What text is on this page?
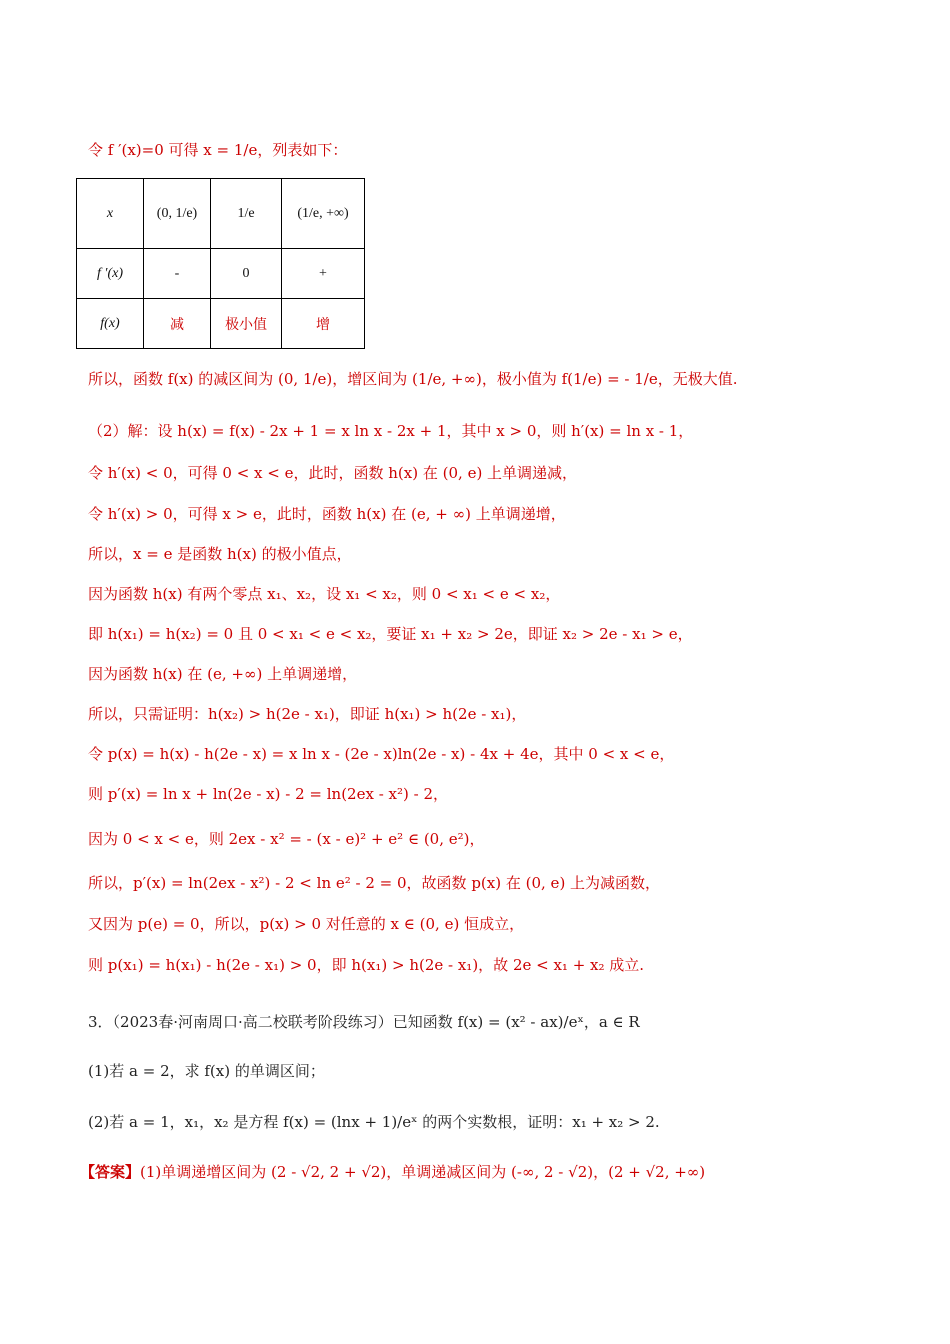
令 f ′(x)=0 可得 x = 1/e，列表如下：
x	(0, 1/e)	1/e	(1/e, +∞)
f ′(x)	-	0	+
f(x)	减	极小值	增
所以，函数 f(x) 的减区间为 (0, 1/e)，增区间为 (1/e, +∞)，极小值为 f(1/e) = - 1/e，无极大值.
（2）解：设 h(x) = f(x) - 2x + 1 = x ln x - 2x + 1，其中 x > 0，则 h′(x) = ln x - 1，
令 h′(x) < 0，可得 0 < x < e，此时，函数 h(x) 在 (0, e) 上单调递减，
令 h′(x) > 0，可得 x > e，此时，函数 h(x) 在 (e, + ∞) 上单调递增，
所以，x = e 是函数 h(x) 的极小值点，
因为函数 h(x) 有两个零点 x₁、x₂，设 x₁ < x₂，则 0 < x₁ < e < x₂，
即 h(x₁) = h(x₂) = 0 且 0 < x₁ < e < x₂，要证 x₁ + x₂ > 2e，即证 x₂ > 2e - x₁ > e，
因为函数 h(x) 在 (e, +∞) 上单调递增，
所以，只需证明：h(x₂) > h(2e - x₁)，即证 h(x₁) > h(2e - x₁)，
令 p(x) = h(x) - h(2e - x) = x ln x - (2e - x)ln(2e - x) - 4x + 4e，其中 0 < x < e，
则 p′(x) = ln x + ln(2e - x) - 2 = ln(2ex - x²) - 2，
因为 0 < x < e，则 2ex - x² = - (x - e)² + e² ∈ (0, e²)，
所以，p′(x) = ln(2ex - x²) - 2 < ln e² - 2 = 0，故函数 p(x) 在 (0, e) 上为减函数，
又因为 p(e) = 0，所以，p(x) > 0 对任意的 x ∈ (0, e) 恒成立，
则 p(x₁) = h(x₁) - h(2e - x₁) > 0，即 h(x₁) > h(2e - x₁)，故 2e < x₁ + x₂ 成立.
3．（2023春·河南周口·高二校联考阶段练习）已知函数 f(x) = (x² - ax)/eˣ，a ∈ R
(1)若 a = 2，求 f(x) 的单调区间；
(2)若 a = 1，x₁，x₂ 是方程 f(x) = (lnx + 1)/eˣ 的两个实数根，证明：x₁ + x₂ > 2.
【答案】(1)单调递增区间为 (2 - √2, 2 + √2)，单调递减区间为 (-∞, 2 - √2)，(2 + √2, +∞)
